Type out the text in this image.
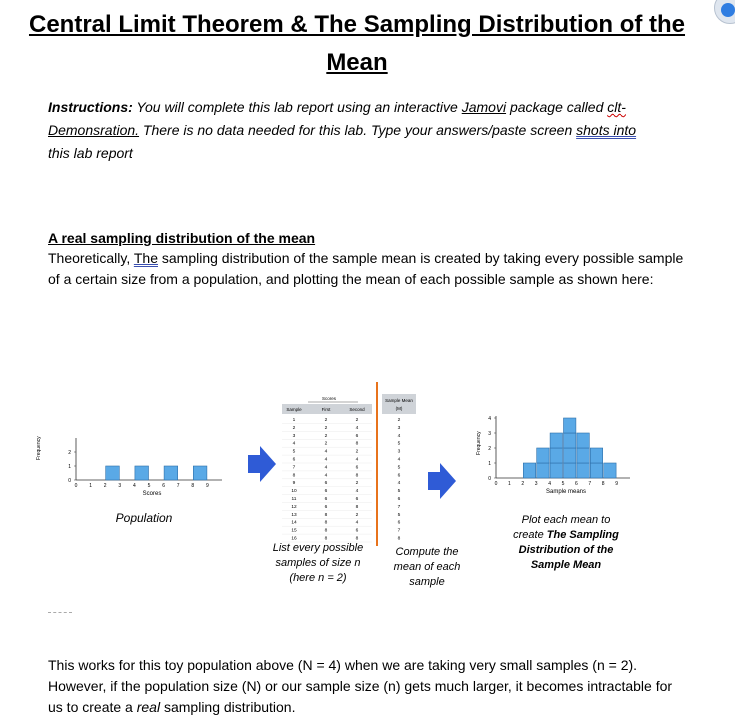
Central Limit Theorem & The Sampling Distribution of the Mean
Instructions: You will complete this lab report using an interactive Jamovi package called clt-
Demonsration. There is no data needed for this lab. Type your answers/paste screen shots into
this lab report
A real sampling distribution of the mean
Theoretically, The sampling distribution of the sample mean is created by taking every possible sample of a certain size from a population, and plotting the mean of each possible sample as shown here:
0 1 2 3 4 5 6 7 8 9
0
1
2
Frequency
Scores
Scores
Sample	First	Second
Sample Mean
(M)
1	2	2	2
2	2	4	3
3	2	6	4
4	2	8	5
5	4	2	3
6	4	4	4
7	4	6	5
8	4	8	6
9	6	2	4
10	6	4	5
11	6	6	6
12	6	8	7
13	8	2	5
14	8	4	6
15	8	6	7
16	8	8	8
0 1 2 3 4 5 6 7 8 9
0
1
2
3
4
Frequency
Sample means
Population
List every possible samples of size n (here n = 2)
Compute the mean of each sample
Plot each mean to create The Sampling Distribution of the Sample Mean
This works for this toy population above (N = 4) when we are taking very small samples (n = 2). However, if the population size (N) or our sample size (n) gets much larger, it becomes intractable for us to create a real sampling distribution.
